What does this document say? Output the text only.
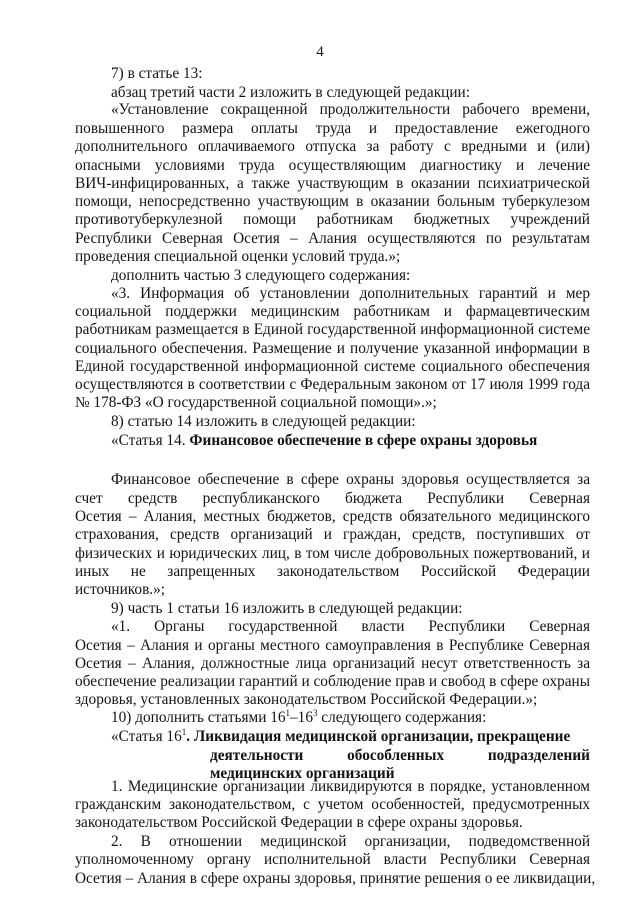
4
7) в статье 13:
абзац третий части 2 изложить в следующей редакции:
«Установление сокращенной продолжительности рабочего времени,
повышенного размера оплаты труда и предоставление ежегодного
дополнительного оплачиваемого отпуска за работу с вредными и (или)
опасными условиями труда осуществляющим диагностику и лечение
ВИЧ-инфицированных, а также участвующим в оказании психиатрической
помощи, непосредственно участвующим в оказании больным туберкулезом
противотуберкулезной помощи работникам бюджетных учреждений
Республики Северная Осетия – Алания осуществляются по результатам
проведения специальной оценки условий труда.»;
дополнить частью 3 следующего содержания:
«3. Информация об установлении дополнительных гарантий и мер
социальной поддержки медицинским работникам и фармацевтическим
работникам размещается в Единой государственной информационной системе
социального обеспечения. Размещение и получение указанной информации в
Единой государственной информационной системе социального обеспечения
осуществляются в соответствии с Федеральным законом от 17 июля 1999 года
№ 178-ФЗ «О государственной социальной помощи».»;
8) статью 14 изложить в следующей редакции:
Финансовое обеспечение в сфере охраны здоровья осуществляется за
счет средств республиканского бюджета Республики Северная
Осетия – Алания, местных бюджетов, средств обязательного медицинского
страхования, средств организаций и граждан, средств, поступивших от
физических и юридических лиц, в том числе добровольных пожертвований, и
иных не запрещенных законодательством Российской Федерации
источников.»;
9) часть 1 статьи 16 изложить в следующей редакции:
«1. Органы государственной власти Республики Северная
Осетия – Алания и органы местного самоуправления в Республике Северная
Осетия – Алания, должностные лица организаций несут ответственность за
обеспечение реализации гарантий и соблюдение прав и свобод в сфере охраны
здоровья, установленных законодательством Российской Федерации.»;
1. Медицинские организации ликвидируются в порядке, установленном
гражданским законодательством, с учетом особенностей, предусмотренных
законодательством Российской Федерации в сфере охраны здоровья.
2. В отношении медицинской организации, подведомственной
уполномоченному органу исполнительной власти Республики Северная
Осетия – Алания в сфере охраны здоровья, принятие решения о ее ликвидации,
«Статья 14. Финансовое обеспечение в сфере охраны здоровья
10) дополнить статьями $16^1-16^3$ следующего содержания:
«Статья $16^1$. Ликвидация медицинской организации, прекращение
деятельности обособленных подразделений
медицинских организаций
